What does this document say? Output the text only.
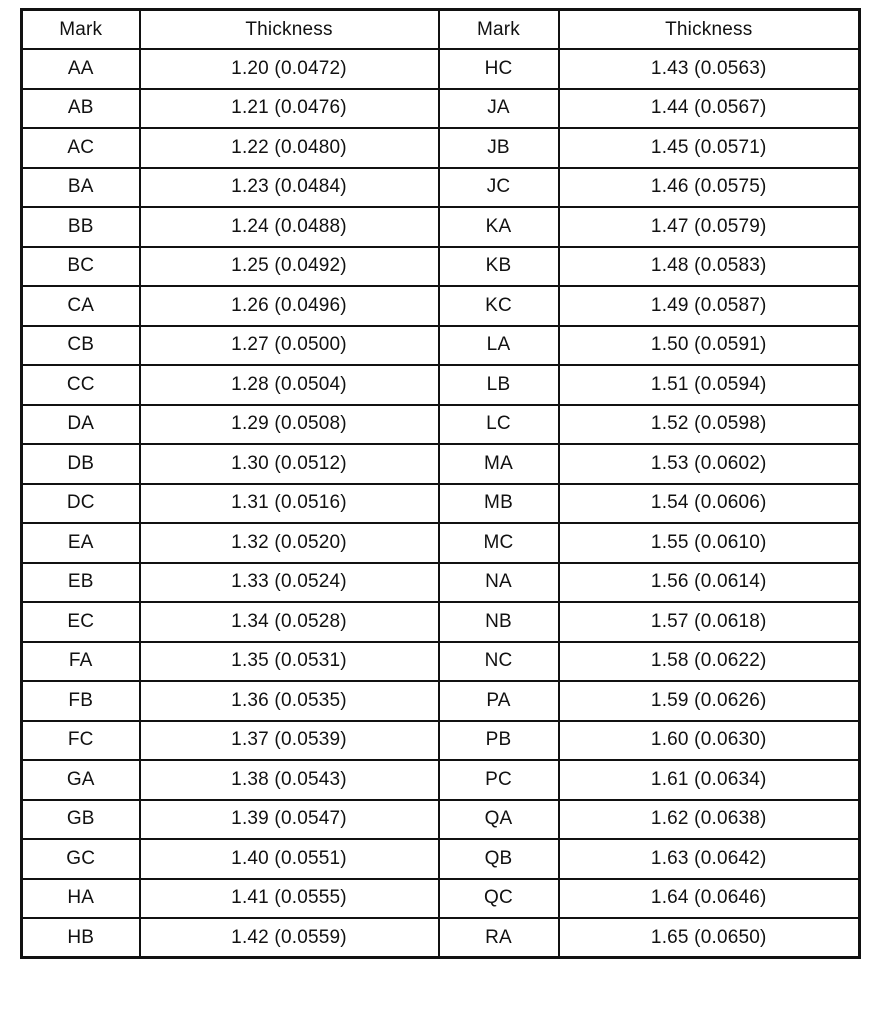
Mark	Thickness	Mark	Thickness
AA	1.20 (0.0472)	HC	1.43 (0.0563)
AB	1.21 (0.0476)	JA	1.44 (0.0567)
AC	1.22 (0.0480)	JB	1.45 (0.0571)
BA	1.23 (0.0484)	JC	1.46 (0.0575)
BB	1.24 (0.0488)	KA	1.47 (0.0579)
BC	1.25 (0.0492)	KB	1.48 (0.0583)
CA	1.26 (0.0496)	KC	1.49 (0.0587)
CB	1.27 (0.0500)	LA	1.50 (0.0591)
CC	1.28 (0.0504)	LB	1.51 (0.0594)
DA	1.29 (0.0508)	LC	1.52 (0.0598)
DB	1.30 (0.0512)	MA	1.53 (0.0602)
DC	1.31 (0.0516)	MB	1.54 (0.0606)
EA	1.32 (0.0520)	MC	1.55 (0.0610)
EB	1.33 (0.0524)	NA	1.56 (0.0614)
EC	1.34 (0.0528)	NB	1.57 (0.0618)
FA	1.35 (0.0531)	NC	1.58 (0.0622)
FB	1.36 (0.0535)	PA	1.59 (0.0626)
FC	1.37 (0.0539)	PB	1.60 (0.0630)
GA	1.38 (0.0543)	PC	1.61 (0.0634)
GB	1.39 (0.0547)	QA	1.62 (0.0638)
GC	1.40 (0.0551)	QB	1.63 (0.0642)
HA	1.41 (0.0555)	QC	1.64 (0.0646)
HB	1.42 (0.0559)	RA	1.65 (0.0650)
